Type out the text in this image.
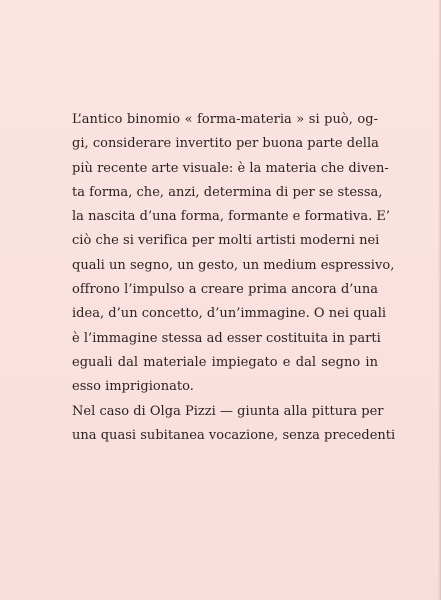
L’antico binomio « forma-materia » si può, og-
gi, considerare invertito per buona parte della
più recente arte visuale: è la materia che diven-
ta forma, che, anzi, determina di per se stessa,
la nascita d’una forma, formante e formativa. E’
ciò che si verifica per molti artisti moderni nei
quali un segno, un gesto, un medium espressivo,
offrono l’impulso a creare prima ancora d’una
idea, d’un concetto, d’un’immagine. O nei quali
è l’immagine stessa ad esser costituita in parti
eguali dal materiale impiegato e dal segno in
esso imprigionato.
Nel caso di Olga Pizzi — giunta alla pittura per
una quasi subitanea vocazione, senza precedenti
